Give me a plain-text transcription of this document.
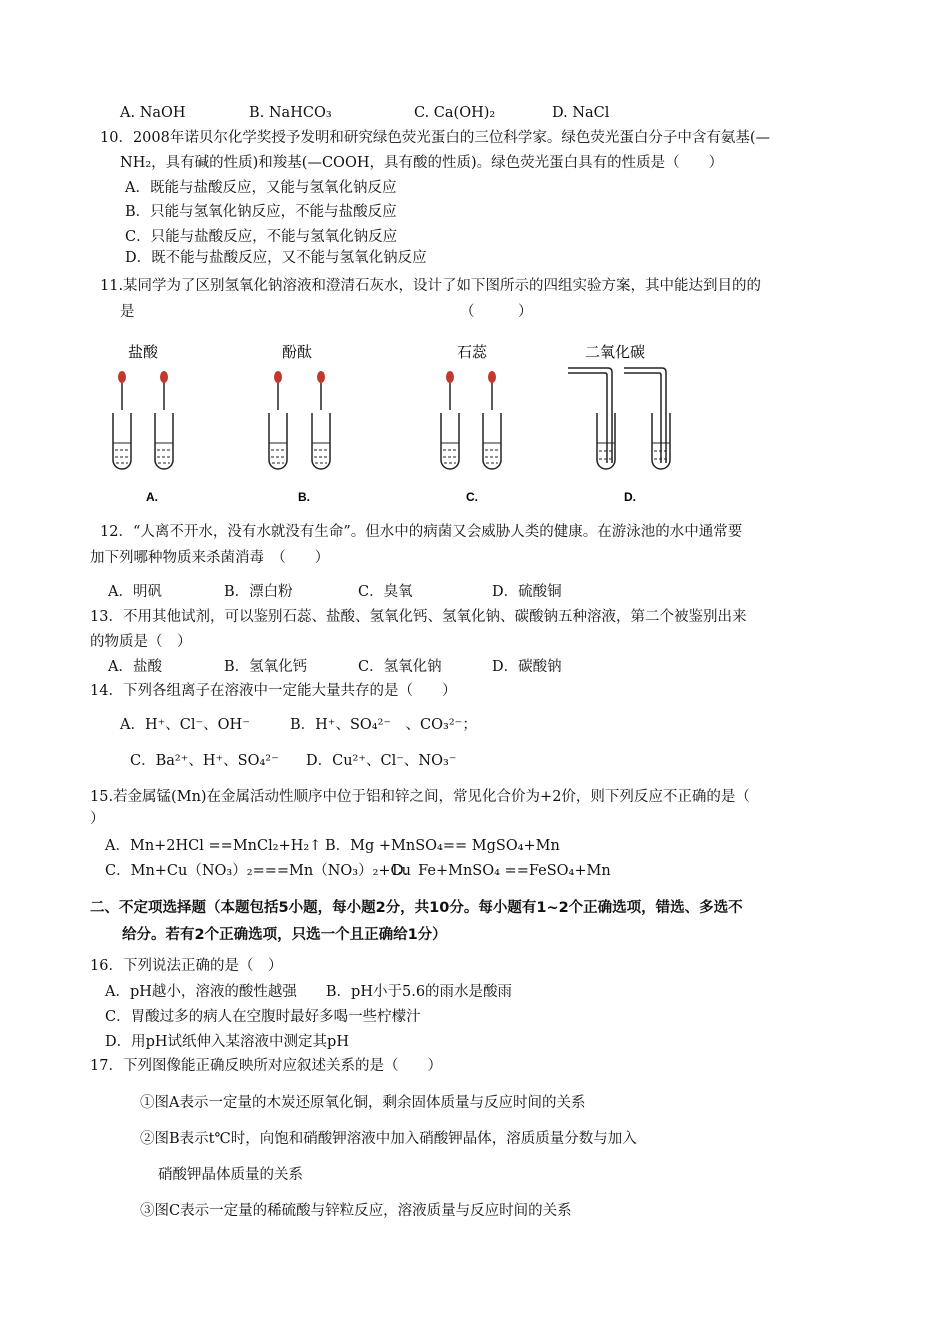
A. NaOH	B. NaHCO₃	C. Ca(OH)₂	D. NaCl
10．2008年诺贝尔化学奖授予发明和研究绿色荧光蛋白的三位科学家。绿色荧光蛋白分子中含有氨基(—
NH₂，具有碱的性质)和羧基(—COOH，具有酸的性质)。绿色荧光蛋白具有的性质是（　　）
A．既能与盐酸反应，又能与氢氧化钠反应
B．只能与氢氧化钠反应，不能与盐酸反应
C．只能与盐酸反应，不能与氢氧化钠反应
D．既不能与盐酸反应，又不能与氢氧化钠反应
11.某同学为了区别氢氧化钠溶液和澄清石灰水，设计了如下图所示的四组实验方案，其中能达到目的的
是	（　　　）
盐酸	酚酞	石蕊	二氧化碳
A.	B.	C.	D.
12．“人离不开水，没有水就没有生命”。但水中的病菌又会威胁人类的健康。在游泳池的水中通常要
加下列哪种物质来杀菌消毒　（　　）
A．明矾	B．漂白粉	C．臭氧	D．硫酸铜
13．不用其他试剂，可以鉴别石蕊、盐酸、氢氧化钙、氢氧化钠、碳酸钠五种溶液，第二个被鉴别出来
的物质是（　）
A．盐酸	B．氢氧化钙	C．氢氧化钠	D．碳酸钠
14．下列各组离子在溶液中一定能大量共存的是（　　）
A．H⁺、Cl⁻、OH⁻	B．H⁺、SO₄²⁻　、CO₃²⁻；
C．Ba²⁺、H⁺、SO₄²⁻ D．Cu²⁺、Cl⁻、NO₃⁻
15.若金属锰(Mn)在金属活动性顺序中位于铝和锌之间，常见化合价为+2价，则下列反应不正确的是（
）
A．Mn+2HCl ==MnCl₂+H₂↑ B．Mg +MnSO₄== MgSO₄+Mn
C．Mn+Cu（NO₃）₂===Mn（NO₃）₂+Cu
D．Fe+MnSO₄ ==FeSO₄+Mn
二、不定项选择题（本题包括5小题，每小题2分，共10分。每小题有1~2个正确选项，错选、多选不
给分。若有2个正确选项，只选一个且正确给1分）
16．下列说法正确的是（　）
A．pH越小，溶液的酸性越强　　B．pH小于5.6的雨水是酸雨
C．胃酸过多的病人在空腹时最好多喝一些柠檬汁
D．用pH试纸伸入某溶液中测定其pH
17．下列图像能正确反映所对应叙述关系的是（　　）
①图A表示一定量的木炭还原氧化铜，剩余固体质量与反应时间的关系
②图B表示t℃时，向饱和硝酸钾溶液中加入硝酸钾晶体，溶质质量分数与加入
硝酸钾晶体质量的关系
③图C表示一定量的稀硫酸与锌粒反应，溶液质量与反应时间的关系
